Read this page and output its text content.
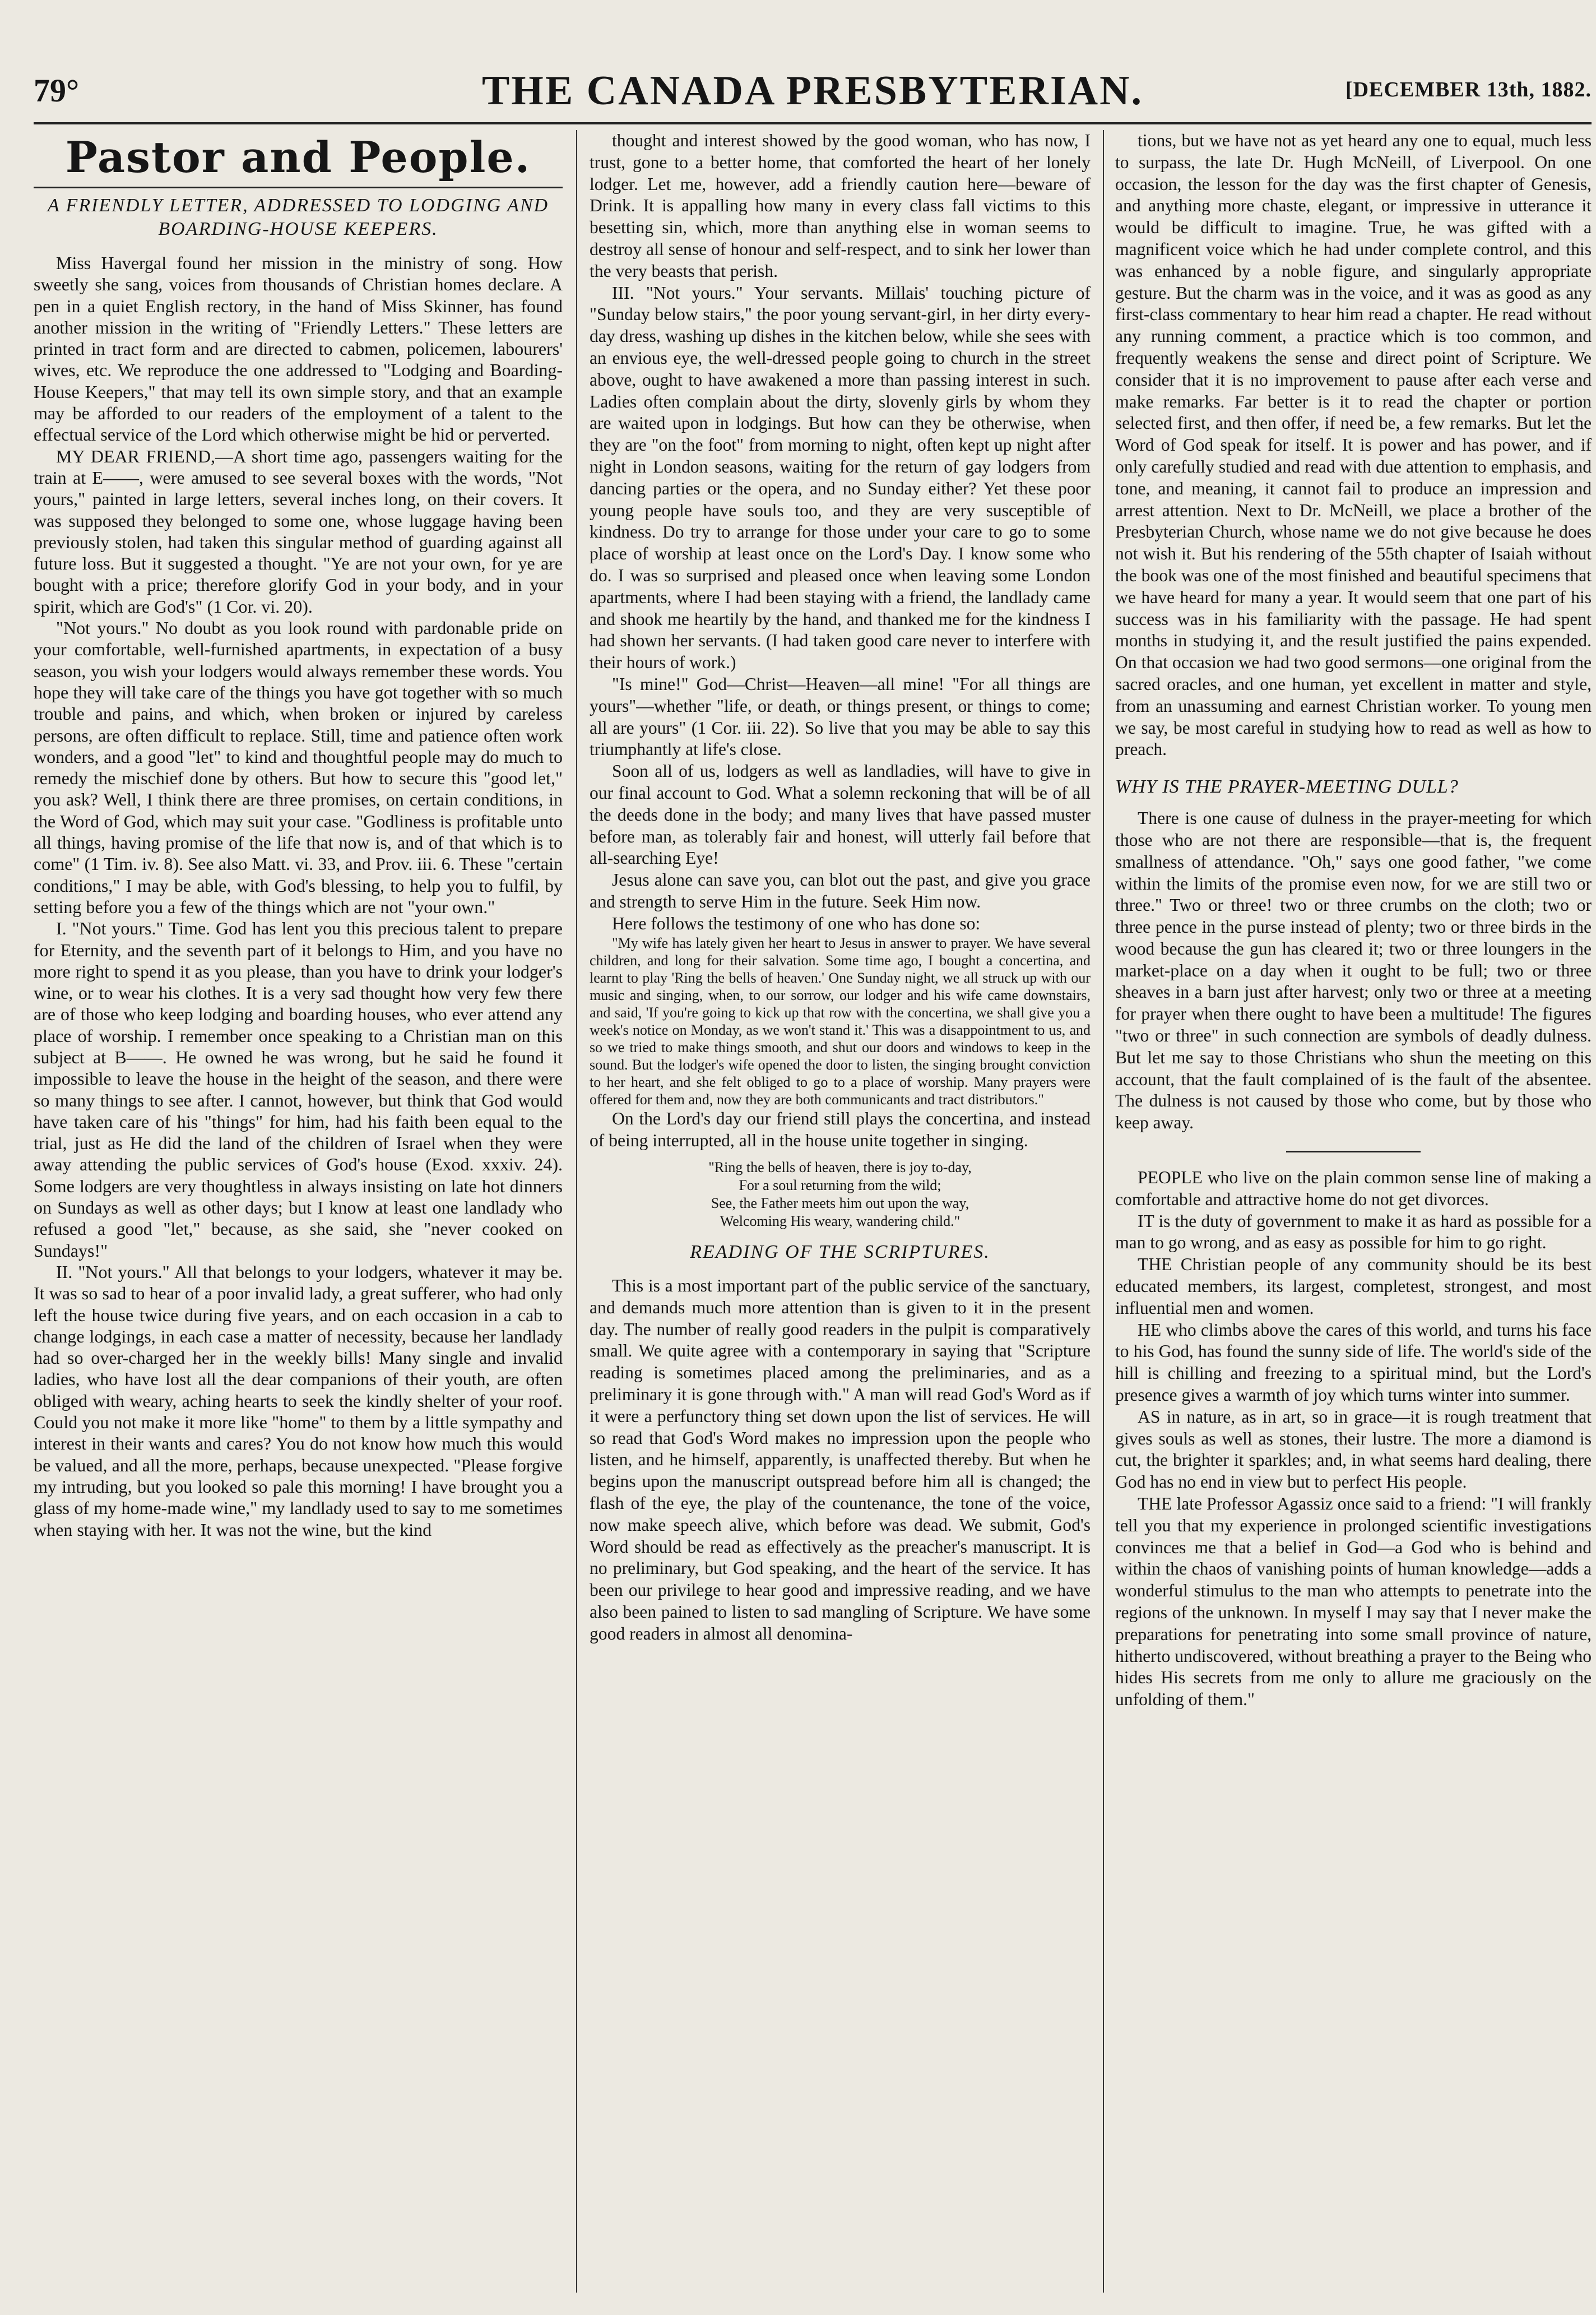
79°	THE CANADA PRESBYTERIAN.	[DECEMBER 13th, 1882.
Pastor and People.
A FRIENDLY LETTER, ADDRESSED TO LODGING AND BOARDING-HOUSE KEEPERS.

Miss Havergal found her mission in the ministry of song. How sweetly she sang, voices from thousands of Christian homes declare. A pen in a quiet English rectory, in the hand of Miss Skinner, has found another mission in the writing of "Friendly Letters." These letters are printed in tract form and are directed to cabmen, policemen, labourers' wives, etc. We reproduce the one addressed to "Lodging and Boarding-House Keepers," that may tell its own simple story, and that an example may be afforded to our readers of the employment of a talent to the effectual service of the Lord which otherwise might be hid or perverted.

MY DEAR FRIEND,—A short time ago, passengers waiting for the train at E——, were amused to see several boxes with the words, "Not yours," painted in large letters, several inches long, on their covers. It was supposed they belonged to some one, whose luggage having been previously stolen, had taken this singular method of guarding against all future loss. But it suggested a thought. "Ye are not your own, for ye are bought with a price; therefore glorify God in your body, and in your spirit, which are God's" (1 Cor. vi. 20).

"Not yours." No doubt as you look round with pardonable pride on your comfortable, well-furnished apartments, in expectation of a busy season, you wish your lodgers would always remember these words. You hope they will take care of the things you have got together with so much trouble and pains, and which, when broken or injured by careless persons, are often difficult to replace. Still, time and patience often work wonders, and a good "let" to kind and thoughtful people may do much to remedy the mischief done by others. But how to secure this "good let," you ask? Well, I think there are three promises, on certain conditions, in the Word of God, which may suit your case. "Godliness is profitable unto all things, having promise of the life that now is, and of that which is to come" (1 Tim. iv. 8). See also Matt. vi. 33, and Prov. iii. 6. These "certain conditions," I may be able, with God's blessing, to help you to fulfil, by setting before you a few of the things which are not "your own."

I. "Not yours." Time. God has lent you this precious talent to prepare for Eternity, and the seventh part of it belongs to Him, and you have no more right to spend it as you please, than you have to drink your lodger's wine, or to wear his clothes. It is a very sad thought how very few there are of those who keep lodging and boarding houses, who ever attend any place of worship. I remember once speaking to a Christian man on this subject at B——. He owned he was wrong, but he said he found it impossible to leave the house in the height of the season, and there were so many things to see after. I cannot, however, but think that God would have taken care of his "things" for him, had his faith been equal to the trial, just as He did the land of the children of Israel when they were away attending the public services of God's house (Exod. xxxiv. 24). Some lodgers are very thoughtless in always insisting on late hot dinners on Sundays as well as other days; but I know at least one landlady who refused a good "let," because, as she said, she "never cooked on Sundays!"

II. "Not yours." All that belongs to your lodgers, whatever it may be. It was so sad to hear of a poor invalid lady, a great sufferer, who had only left the house twice during five years, and on each occasion in a cab to change lodgings, in each case a matter of necessity, because her landlady had so over-charged her in the weekly bills! Many single and invalid ladies, who have lost all the dear companions of their youth, are often obliged with weary, aching hearts to seek the kindly shelter of your roof. Could you not make it more like "home" to them by a little sympathy and interest in their wants and cares? You do not know how much this would be valued, and all the more, perhaps, because unexpected. "Please forgive my intruding, but you looked so pale this morning! I have brought you a glass of my home-made wine," my landlady used to say to me sometimes when staying with her. It was not the wine, but the kind

thought and interest showed by the good woman, who has now, I trust, gone to a better home, that comforted the heart of her lonely lodger. Let me, however, add a friendly caution here—beware of Drink. It is appalling how many in every class fall victims to this besetting sin, which, more than anything else in woman seems to destroy all sense of honour and self-respect, and to sink her lower than the very beasts that perish.

III. "Not yours." Your servants. Millais' touching picture of "Sunday below stairs," the poor young servant-girl, in her dirty every-day dress, washing up dishes in the kitchen below, while she sees with an envious eye, the well-dressed people going to church in the street above, ought to have awakened a more than passing interest in such. Ladies often complain about the dirty, slovenly girls by whom they are waited upon in lodgings. But how can they be otherwise, when they are "on the foot" from morning to night, often kept up night after night in London seasons, waiting for the return of gay lodgers from dancing parties or the opera, and no Sunday either? Yet these poor young people have souls too, and they are very susceptible of kindness. Do try to arrange for those under your care to go to some place of worship at least once on the Lord's Day. I know some who do. I was so surprised and pleased once when leaving some London apartments, where I had been staying with a friend, the landlady came and shook me heartily by the hand, and thanked me for the kindness I had shown her servants. (I had taken good care never to interfere with their hours of work.)

"Is mine!" God—Christ—Heaven—all mine! "For all things are yours"—whether "life, or death, or things present, or things to come; all are yours" (1 Cor. iii. 22). So live that you may be able to say this triumphantly at life's close.

Soon all of us, lodgers as well as landladies, will have to give in our final account to God. What a solemn reckoning that will be of all the deeds done in the body; and many lives that have passed muster before man, as tolerably fair and honest, will utterly fail before that all-searching Eye!

Jesus alone can save you, can blot out the past, and give you grace and strength to serve Him in the future. Seek Him now.

Here follows the testimony of one who has done so:

"My wife has lately given her heart to Jesus in answer to prayer. We have several children, and long for their salvation. Some time ago, I bought a concertina, and learnt to play 'Ring the bells of heaven.' One Sunday night, we all struck up with our music and singing, when, to our sorrow, our lodger and his wife came downstairs, and said, 'If you're going to kick up that row with the concertina, we shall give you a week's notice on Monday, as we won't stand it.' This was a disappointment to us, and so we tried to make things smooth, and shut our doors and windows to keep in the sound. But the lodger's wife opened the door to listen, the singing brought conviction to her heart, and she felt obliged to go to a place of worship. Many prayers were offered for them and, now they are both communicants and tract distributors."

On the Lord's day our friend still plays the concertina, and instead of being interrupted, all in the house unite together in singing.

"Ring the bells of heaven, there is joy to-day,
For a soul returning from the wild;
See, the Father meets him out upon the way,
Welcoming His weary, wandering child."
READING OF THE SCRIPTURES.

This is a most important part of the public service of the sanctuary, and demands much more attention than is given to it in the present day. The number of really good readers in the pulpit is comparatively small. We quite agree with a contemporary in saying that "Scripture reading is sometimes placed among the preliminaries, and as a preliminary it is gone through with." A man will read God's Word as if it were a perfunctory thing set down upon the list of services. He will so read that God's Word makes no impression upon the people who listen, and he himself, apparently, is unaffected thereby. But when he begins upon the manuscript outspread before him all is changed; the flash of the eye, the play of the countenance, the tone of the voice, now make speech alive, which before was dead. We submit, God's Word should be read as effectively as the preacher's manuscript. It is no preliminary, but God speaking, and the heart of the service. It has been our privilege to hear good and impressive reading, and we have also been pained to listen to sad mangling of Scripture. We have some good readers in almost all denomina-

tions, but we have not as yet heard any one to equal, much less to surpass, the late Dr. Hugh McNeill, of Liverpool. On one occasion, the lesson for the day was the first chapter of Genesis, and anything more chaste, elegant, or impressive in utterance it would be difficult to imagine. True, he was gifted with a magnificent voice which he had under complete control, and this was enhanced by a noble figure, and singularly appropriate gesture. But the charm was in the voice, and it was as good as any first-class commentary to hear him read a chapter. He read without any running comment, a practice which is too common, and frequently weakens the sense and direct point of Scripture. We consider that it is no improvement to pause after each verse and make remarks. Far better is it to read the chapter or portion selected first, and then offer, if need be, a few remarks. But let the Word of God speak for itself. It is power and has power, and if only carefully studied and read with due attention to emphasis, and tone, and meaning, it cannot fail to produce an impression and arrest attention. Next to Dr. McNeill, we place a brother of the Presbyterian Church, whose name we do not give because he does not wish it. But his rendering of the 55th chapter of Isaiah without the book was one of the most finished and beautiful specimens that we have heard for many a year. It would seem that one part of his success was in his familiarity with the passage. He had spent months in studying it, and the result justified the pains expended. On that occasion we had two good sermons—one original from the sacred oracles, and one human, yet excellent in matter and style, from an unassuming and earnest Christian worker. To young men we say, be most careful in studying how to read as well as how to preach.

WHY IS THE PRAYER-MEETING DULL?

There is one cause of dulness in the prayer-meeting for which those who are not there are responsible—that is, the frequent smallness of attendance. "Oh," says one good father, "we come within the limits of the promise even now, for we are still two or three." Two or three! two or three crumbs on the cloth; two or three pence in the purse instead of plenty; two or three birds in the wood because the gun has cleared it; two or three loungers in the market-place on a day when it ought to be full; two or three sheaves in a barn just after harvest; only two or three at a meeting for prayer when there ought to have been a multitude! The figures "two or three" in such connection are symbols of deadly dulness. But let me say to those Christians who shun the meeting on this account, that the fault complained of is the fault of the absentee. The dulness is not caused by those who come, but by those who keep away.

PEOPLE who live on the plain common sense line of making a comfortable and attractive home do not get divorces.

IT is the duty of government to make it as hard as possible for a man to go wrong, and as easy as possible for him to go right.

THE Christian people of any community should be its best educated members, its largest, completest, strongest, and most influential men and women.

HE who climbs above the cares of this world, and turns his face to his God, has found the sunny side of life. The world's side of the hill is chilling and freezing to a spiritual mind, but the Lord's presence gives a warmth of joy which turns winter into summer.

AS in nature, as in art, so in grace—it is rough treatment that gives souls as well as stones, their lustre. The more a diamond is cut, the brighter it sparkles; and, in what seems hard dealing, there God has no end in view but to perfect His people.

THE late Professor Agassiz once said to a friend: "I will frankly tell you that my experience in prolonged scientific investigations convinces me that a belief in God—a God who is behind and within the chaos of vanishing points of human knowledge—adds a wonderful stimulus to the man who attempts to penetrate into the regions of the unknown. In myself I may say that I never make the preparations for penetrating into some small province of nature, hitherto undiscovered, without breathing a prayer to the Being who hides His secrets from me only to allure me graciously on the unfolding of them."
